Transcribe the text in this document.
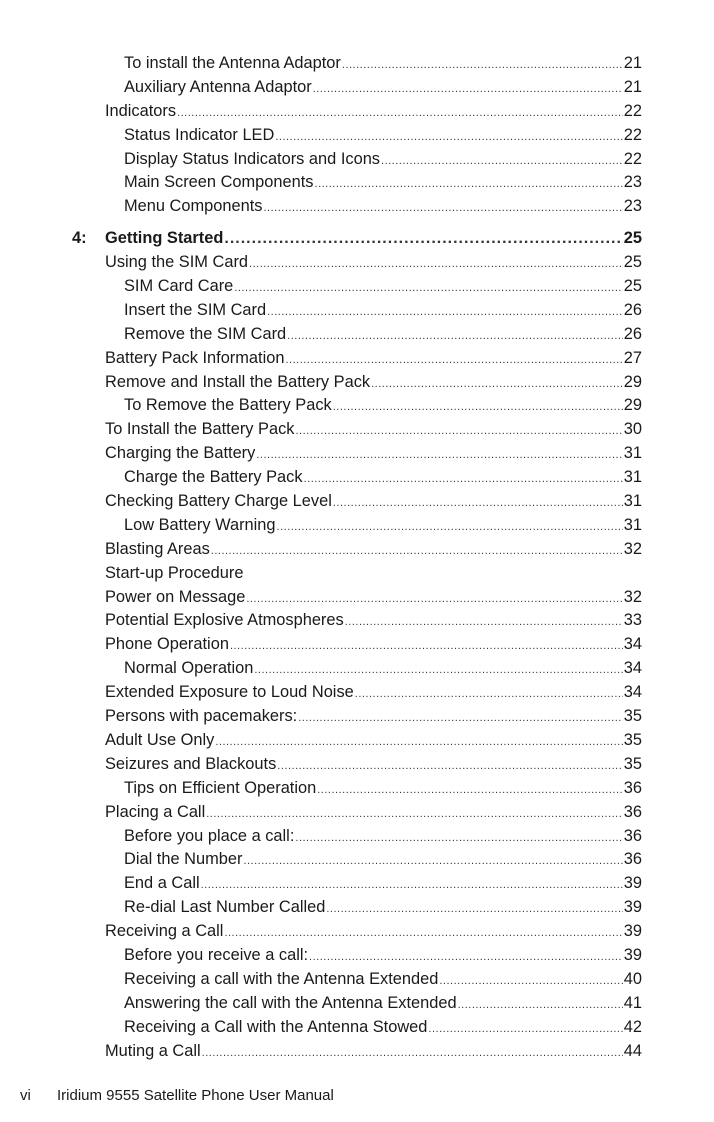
To install the Antenna Adaptor .....	21
Auxiliary Antenna Adaptor .....	21
Indicators .....	22
Status Indicator LED .....	22
Display Status Indicators and Icons .....	22
Main Screen Components .....	23
Menu Components .....	23
4: Getting Started .....	25
Using the SIM Card .....	25
SIM Card Care .....	25
Insert the SIM Card .....	26
Remove the SIM Card .....	26
Battery Pack Information .....	27
Remove and Install the Battery Pack .....	29
To Remove the Battery Pack .....	29
To Install the Battery Pack .....	30
Charging the Battery .....	31
Charge the Battery Pack .....	31
Checking Battery Charge Level .....	31
Low Battery Warning .....	31
Blasting Areas .....	32
Start-up Procedure
Power on Message .....	32
Potential Explosive Atmospheres .....	33
Phone Operation .....	34
Normal Operation .....	34
Extended Exposure to Loud Noise .....	34
Persons with pacemakers: .....	35
Adult Use Only .....	35
Seizures and Blackouts .....	35
Tips on Efficient Operation .....	36
Placing a Call .....	36
Before you place a call: .....	36
Dial the Number .....	36
End a Call .....	39
Re-dial Last Number Called .....	39
Receiving a Call .....	39
Before you receive a call: .....	39
Receiving a call with the Antenna Extended .....	40
Answering the call with the Antenna Extended .....	41
Receiving a Call with the Antenna Stowed .....	42
Muting a Call .....	44
vi Iridium 9555 Satellite Phone User Manual
